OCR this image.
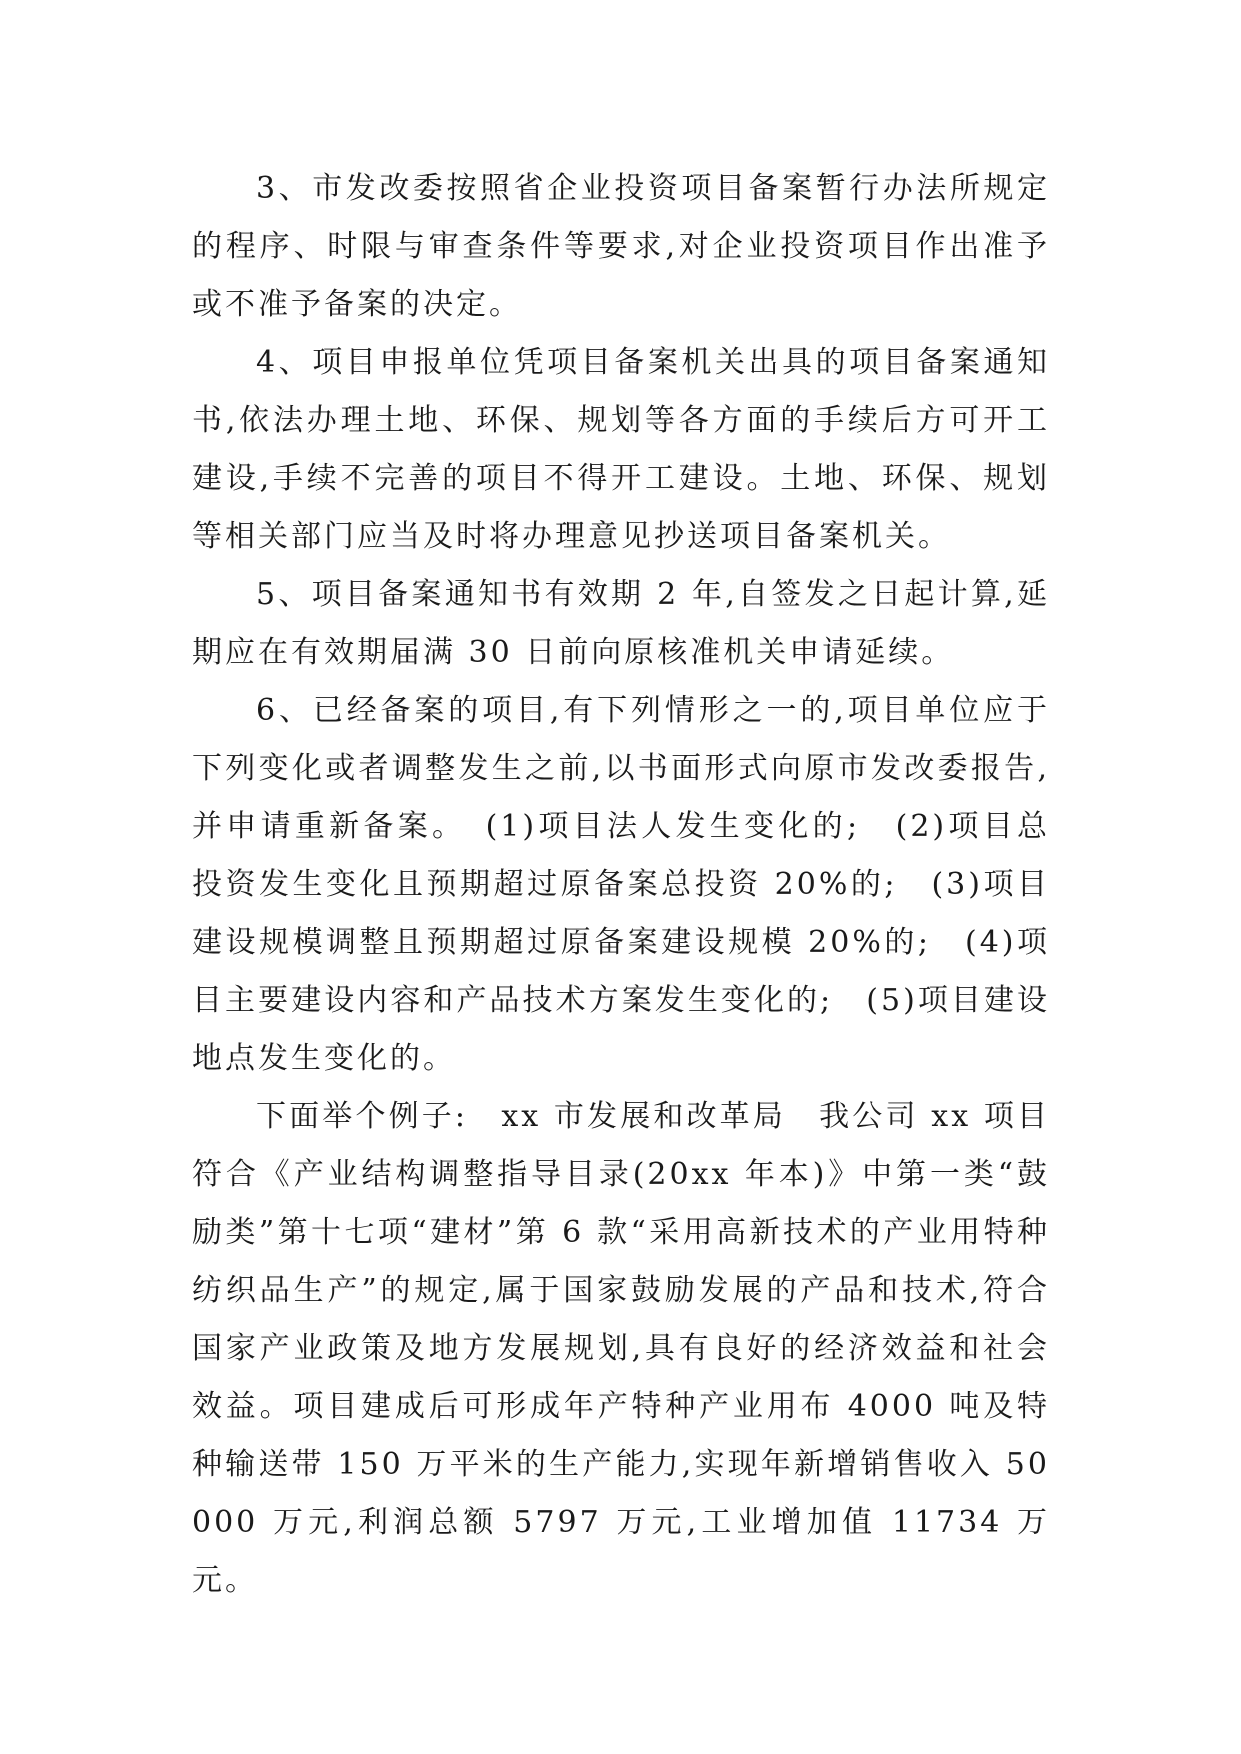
3、市发改委按照省企业投资项目备案暂行办法所规定的程序、时限与审查条件等要求,对企业投资项目作出准予或不准予备案的决定。

4、项目申报单位凭项目备案机关出具的项目备案通知书,依法办理土地、环保、规划等各方面的手续后方可开工建设,手续不完善的项目不得开工建设。土地、环保、规划等相关部门应当及时将办理意见抄送项目备案机关。

5、项目备案通知书有效期 2 年,自签发之日起计算,延期应在有效期届满 30 日前向原核准机关申请延续。

6、已经备案的项目,有下列情形之一的,项目单位应于下列变化或者调整发生之前,以书面形式向原市发改委报告,并申请重新备案。　(1)项目法人发生变化的;　(2)项目总投资发生变化且预期超过原备案总投资 20%的;　(3)项目建设规模调整且预期超过原备案建设规模 20%的;　(4)项目主要建设内容和产品技术方案发生变化的;　(5)项目建设地点发生变化的。

下面举个例子:　xx 市发展和改革局　我公司 xx 项目符合《产业结构调整指导目录(20xx 年本)》中第一类“鼓励类”第十七项“建材”第 6 款“采用高新技术的产业用特种纺织品生产”的规定,属于国家鼓励发展的产品和技术,符合国家产业政策及地方发展规划,具有良好的经济效益和社会效益。项目建成后可形成年产特种产业用布 4000 吨及特种输送带 150 万平米的生产能力,实现年新增销售收入 50000 万元,利润总额 5797 万元,工业增加值 11734 万元。
